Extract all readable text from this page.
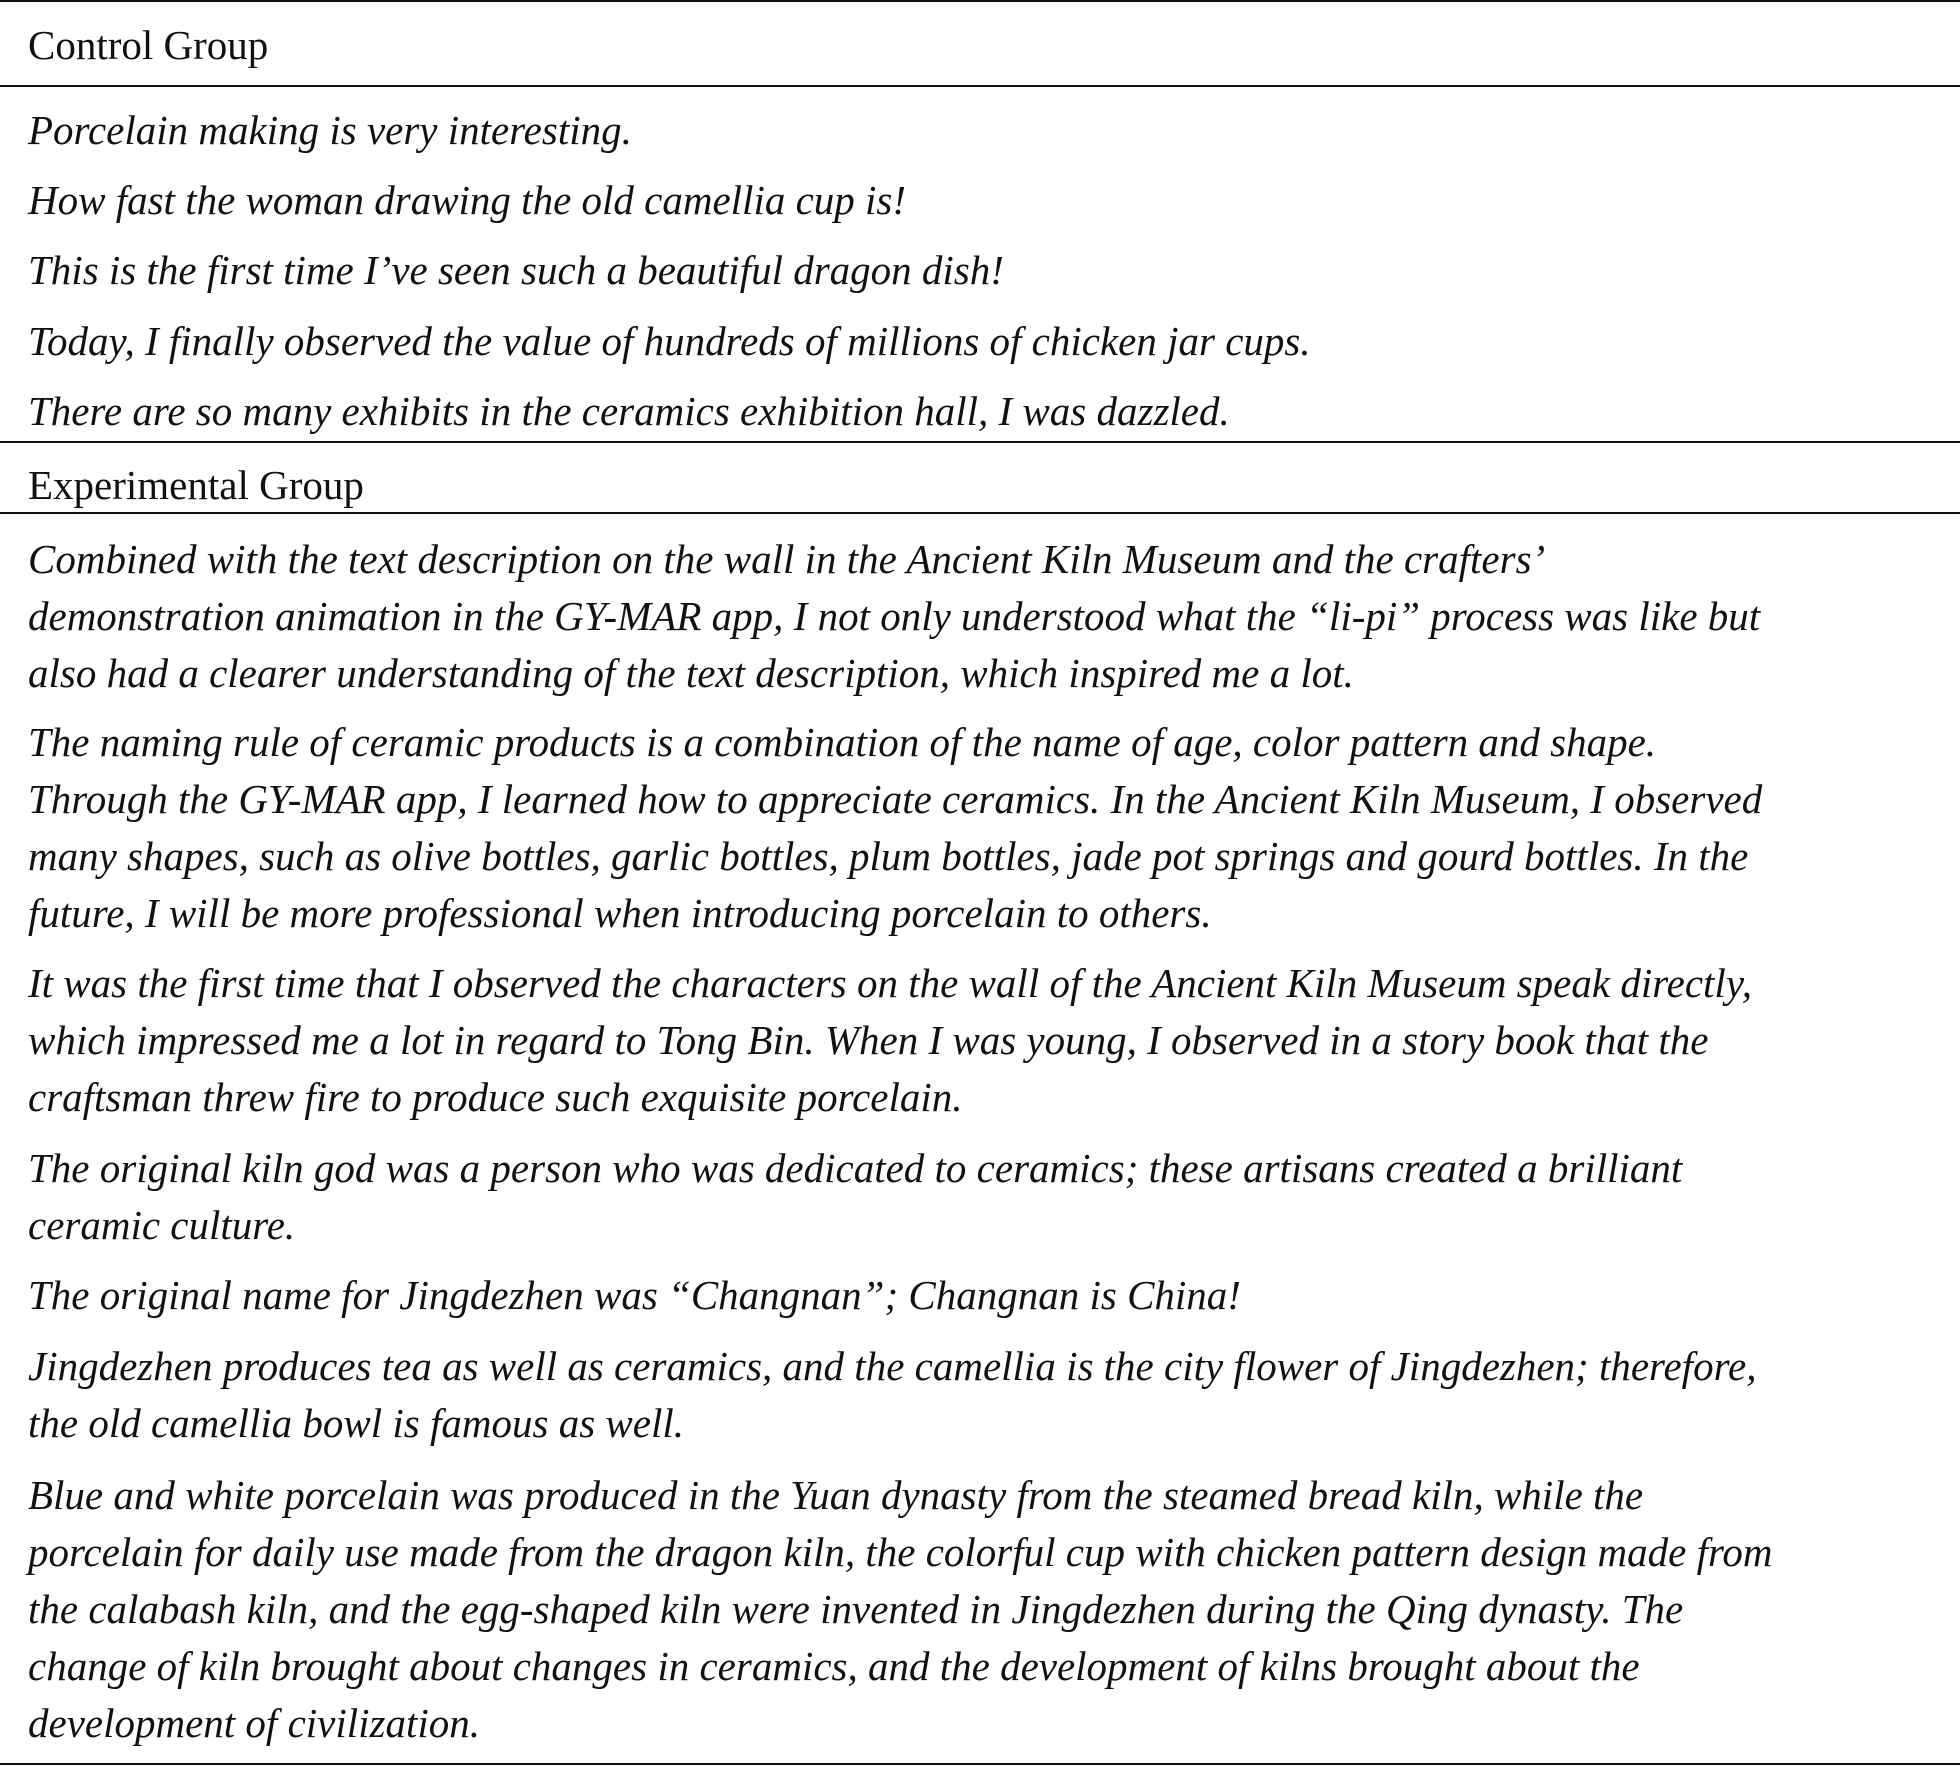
Control Group
Porcelain making is very interesting.
How fast the woman drawing the old camellia cup is!
This is the first time I’ve seen such a beautiful dragon dish!
Today, I finally observed the value of hundreds of millions of chicken jar cups.
There are so many exhibits in the ceramics exhibition hall, I was dazzled.
Experimental Group
Combined with the text description on the wall in the Ancient Kiln Museum and the crafters’
demonstration animation in the GY-MAR app, I not only understood what the “li-pi” process was like but
also had a clearer understanding of the text description, which inspired me a lot.
The naming rule of ceramic products is a combination of the name of age, color pattern and shape.
Through the GY-MAR app, I learned how to appreciate ceramics. In the Ancient Kiln Museum, I observed
many shapes, such as olive bottles, garlic bottles, plum bottles, jade pot springs and gourd bottles. In the
future, I will be more professional when introducing porcelain to others.
It was the first time that I observed the characters on the wall of the Ancient Kiln Museum speak directly,
which impressed me a lot in regard to Tong Bin. When I was young, I observed in a story book that the
craftsman threw fire to produce such exquisite porcelain.
The original kiln god was a person who was dedicated to ceramics; these artisans created a brilliant
ceramic culture.
The original name for Jingdezhen was “Changnan”; Changnan is China!
Jingdezhen produces tea as well as ceramics, and the camellia is the city flower of Jingdezhen; therefore,
the old camellia bowl is famous as well.
Blue and white porcelain was produced in the Yuan dynasty from the steamed bread kiln, while the
porcelain for daily use made from the dragon kiln, the colorful cup with chicken pattern design made from
the calabash kiln, and the egg-shaped kiln were invented in Jingdezhen during the Qing dynasty. The
change of kiln brought about changes in ceramics, and the development of kilns brought about the
development of civilization.
